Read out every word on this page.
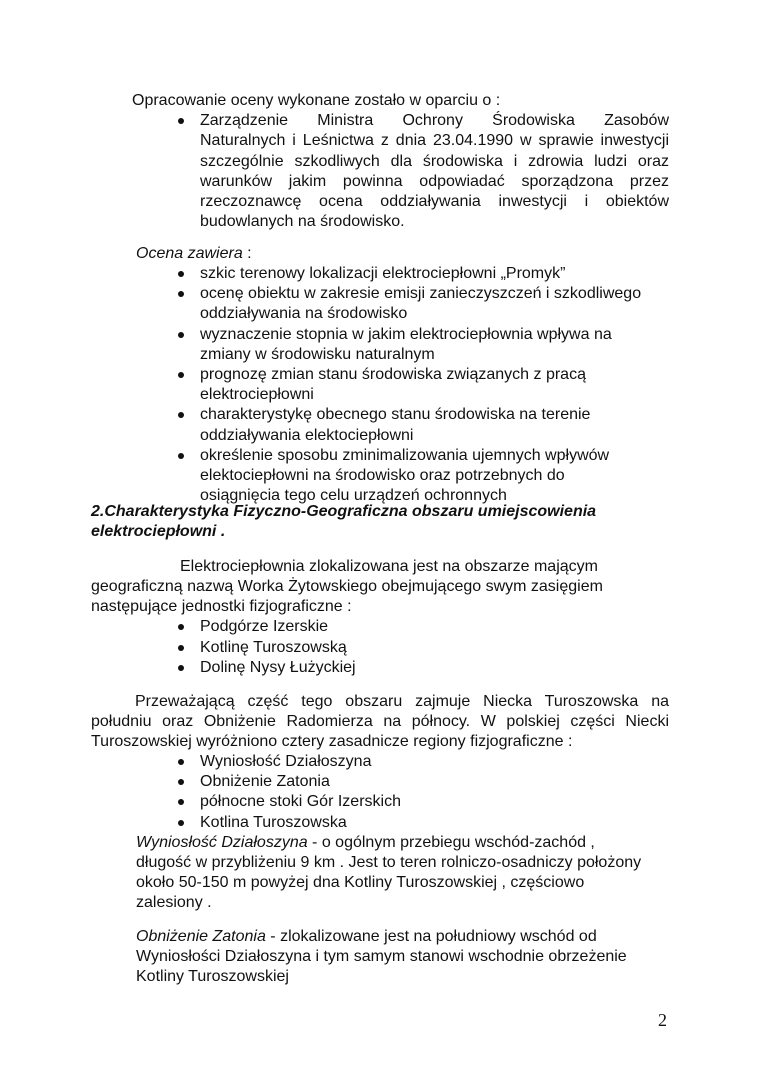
Opracowanie oceny wykonane zostało w oparciu o :
Zarządzenie Ministra Ochrony Środowiska Zasobów
Naturalnych i Leśnictwa z dnia 23.04.1990 w sprawie inwestycji
szczególnie szkodliwych dla środowiska i zdrowia ludzi oraz
warunków jakim powinna odpowiadać sporządzona przez
rzeczoznawcę ocena oddziaływania inwestycji i obiektów
budowlanych na środowisko.
Ocena zawiera :
szkic terenowy lokalizacji elektrociepłowni „Promyk”
ocenę obiektu w zakresie emisji zanieczyszczeń i szkodliwego
oddziaływania na środowisko
wyznaczenie stopnia w jakim elektrociepłownia wpływa na
zmiany w środowisku naturalnym
prognozę zmian stanu środowiska związanych z pracą
elektrociepłowni
charakterystykę obecnego stanu środowiska na terenie
oddziaływania elektociepłowni
określenie sposobu zminimalizowania ujemnych wpływów
elektociepłowni na środowisko oraz potrzebnych do
osiągnięcia tego celu urządzeń ochronnych
2.Charakterystyka Fizyczno-Geograficzna obszaru umiejscowienia
elektrociepłowni .
Elektrociepłownia zlokalizowana jest na obszarze mającym
geograficzną nazwą Worka Żytowskiego obejmującego swym zasięgiem
następujące jednostki fizjograficzne :
Podgórze Izerskie
Kotlinę Turoszowską
Dolinę Nysy Łużyckiej
Przeważającą część tego obszaru zajmuje Niecka Turoszowska na
południu oraz Obniżenie Radomierza na północy. W polskiej części Niecki
Turoszowskiej wyróżniono cztery zasadnicze regiony fizjograficzne :
Wyniosłość Działoszyna
Obniżenie Zatonia
północne stoki Gór Izerskich
Kotlina Turoszowska
Wyniosłość Działoszyna - o ogólnym przebiegu wschód-zachód ,
długość w przybliżeniu 9 km . Jest to teren rolniczo-osadniczy położony
około 50-150 m powyżej dna Kotliny Turoszowskiej , częściowo
zalesiony .
Obniżenie Zatonia - zlokalizowane jest na południowy wschód od
Wyniosłości Działoszyna i tym samym stanowi wschodnie obrzeżenie
Kotliny Turoszowskiej
2
